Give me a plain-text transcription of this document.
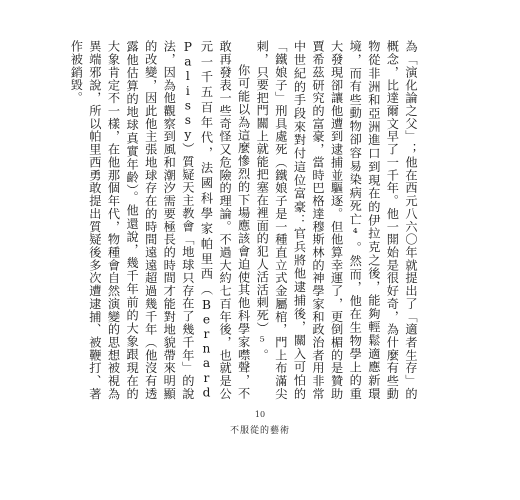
為「演化論之父」；他在西元八六〇年就提出了「適者生存」的概念，比達爾文早了一千年。他一開始是很好奇，為什麼有些動物從非洲和亞洲進口到現在的伊拉克之後，能夠輕鬆適應新環境，而有些動物卻容易染病死亡⁴。然而，他在生物學上的重大發現卻讓他遭到逮捕並驅逐。但他算幸運了，更倒楣的是贊助賈希茲研究的富豪，當時巴格達穆斯林的神學家和政治者用非常中世紀的手段來對付這位富豪：官兵將他逮捕後，關入可怕的「鐵娘子」刑具處死（鐵娘子是一種直立式金屬棺，門上布滿尖刺，只要把門關上就能把塞在裡面的犯人活活刺死）⁵。

你可能以為這麼慘烈的下場應該會迫使其他科學家噤聲，不敢再發表一些奇怪又危險的理論。不過大約七百年後，也就是公元一千五百年代，法國科學家帕里西（Bernard Palissy）質疑天主教會「地球只存在了幾千年」的說法，因為他觀察到風和潮汐需要極長的時間才能對地貌帶來明顯的改變，因此他主張地球存在的時間遠遠超過幾千年（他沒有透露他估算的地球真實年齡）。他還說，幾千年前的大象跟現在的大象肯定不一樣，在他那個年代，物種會自然演變的思想被視為異端邪說，所以帕里西勇敢提出質疑後多次遭逮捕、被鞭打、著作被銷毀。

10
不服從的藝術
